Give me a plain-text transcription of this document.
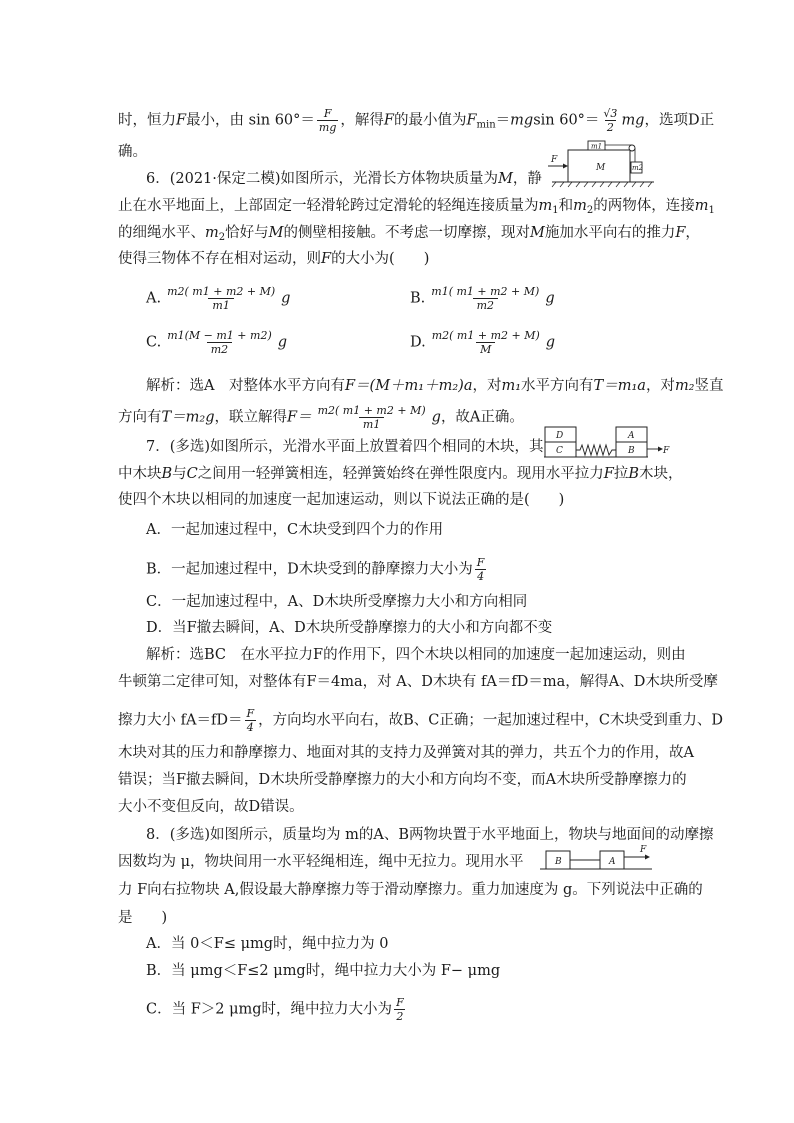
时，恒力F最小，由 $\sin 60^\circ= \frac{F}{mg}$ ，解得F的最小值为$F_{min}=mgsin$ $60^\circ= \frac{√3}{2}$ mg，选项D正
确。
6．(2021·保定二模)如图所示，光滑长方体物块质量为M，静
F
M
m1
m2
止在水平地面上，上部固定一轻滑轮跨过定滑轮的轻绳连接质量为$m_1$和$m_2$的两物体，连接$m_1$
的细绳水平、$m_2$恰好与M的侧壁相接触。不考虑一切摩擦，现对M施加水平向右的推力F，
使得三物体不存在相对运动，则F的大小为(　　)
A. $\frac{m2( m1 + m2 + M)}{m1}$ g	B. $\frac{m1( m1 + m2 + M)}{m2}$ g
C. $\frac{m1(M - m1 + m2)}{m2}$ g	D. $\frac{m2( m1 + m2 + M)}{M}$ g
解析：选A　对整体水平方向有F＝(M＋m₁＋m₂)a，对m₁水平方向有T＝m₁a，对m₂竖直
方向有T＝m₂g，联立解得$F= \frac{m2( m1 + m2 + M)}{m1}$ g，故A正确。
7．(多选)如图所示，光滑水平面上放置着四个相同的木块，其
D
C
A
B	F
中木块B与C之间用一轻弹簧相连，轻弹簧始终在弹性限度内。现用水平拉力F拉B木块，
使四个木块以相同的加速度一起加速运动，则以下说法正确的是(　　)
A．一起加速过程中，C木块受到四个力的作用
B．一起加速过程中，D木块受到的静摩擦力大小为 $\frac{F}{4}$
C．一起加速过程中，A、D木块所受摩擦力大小和方向相同
D．当F撤去瞬间，A、D木块所受静摩擦力的大小和方向都不变
解析：选BC　在水平拉力F的作用下，四个木块以相同的加速度一起加速运动，则由
牛顿第二定律可知，对整体有F＝4ma，对 A、D木块有 fA＝fD＝ma，解得A、D木块所受摩
擦力大小 $fA=fD= \frac{F}{4}$ ，方向均水平向右，故B、C正确；一起加速过程中，C木块受到重力、D
木块对其的压力和静摩擦力、地面对其的支持力及弹簧对其的弹力，共五个力的作用，故A
错误；当F撤去瞬间，D木块所受静摩擦力的大小和方向均不变，而A木块所受静摩擦力的
大小不变但反向，故D错误。
8．(多选)如图所示，质量均为 m的A、B两物块置于水平地面上，物块与地面间的动摩擦
因数均为 μ，物块间用一水平轻绳相连，绳中无拉力。现用水平	B	A
F
力 F向右拉物块 A,假设最大静摩擦力等于滑动摩擦力。重力加速度为 g。下列说法中正确的
是　　)
A．当 0＜F≤ μmg时，绳中拉力为 0
B．当 μmg＜F≤2 μmg时，绳中拉力大小为 F− μmg
C．当 F＞2 μmg时，绳中拉力大小为 $\frac{F}{2}$
